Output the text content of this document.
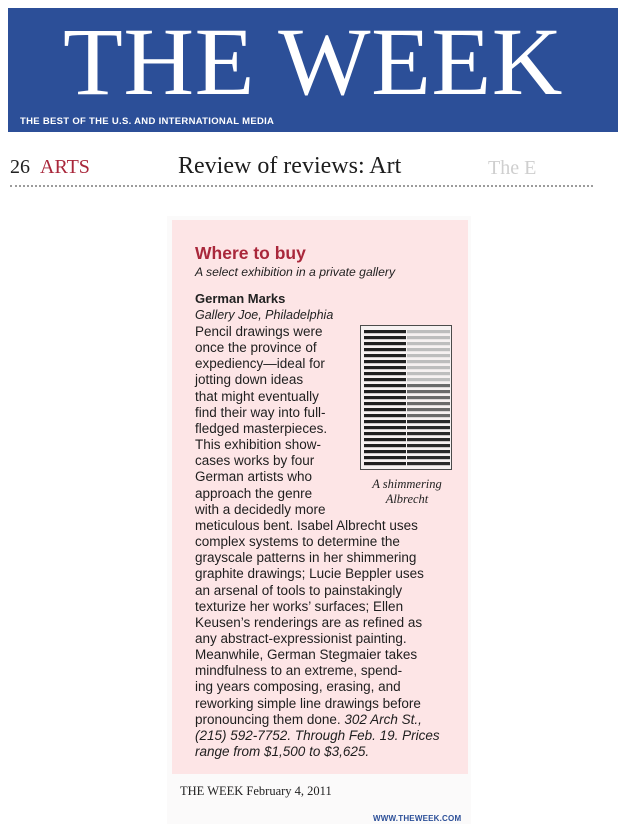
THE WEEK
THE BEST OF THE U.S. AND INTERNATIONAL MEDIA
26 ARTS	Review of reviews: Art	The E
Where to buy
A select exhibition in a private gallery
German Marks
Gallery Joe, Philadelphia
A shimmering
Albrecht
Pencil drawings were
once the province of
expediency—ideal for
jotting down ideas
that might eventually
find their way into full-
fledged masterpieces.
This exhibition show-
cases works by four
German artists who
approach the genre
with a decidedly more
meticulous bent. Isabel Albrecht uses
complex systems to determine the
grayscale patterns in her shimmering
graphite drawings; Lucie Beppler uses
an arsenal of tools to painstakingly
texturize her works’ surfaces; Ellen
Keusen’s renderings are as refined as
any abstract-expressionist painting.
Meanwhile, German Stegmaier takes
mindfulness to an extreme, spend-
ing years composing, erasing, and
reworking simple line drawings before
pronouncing them done. 302 Arch St.,
(215) 592-7752. Through Feb. 19. Prices
range from $1,500 to $3,625.
THE WEEK February 4, 2011
WWW.THEWEEK.COM
